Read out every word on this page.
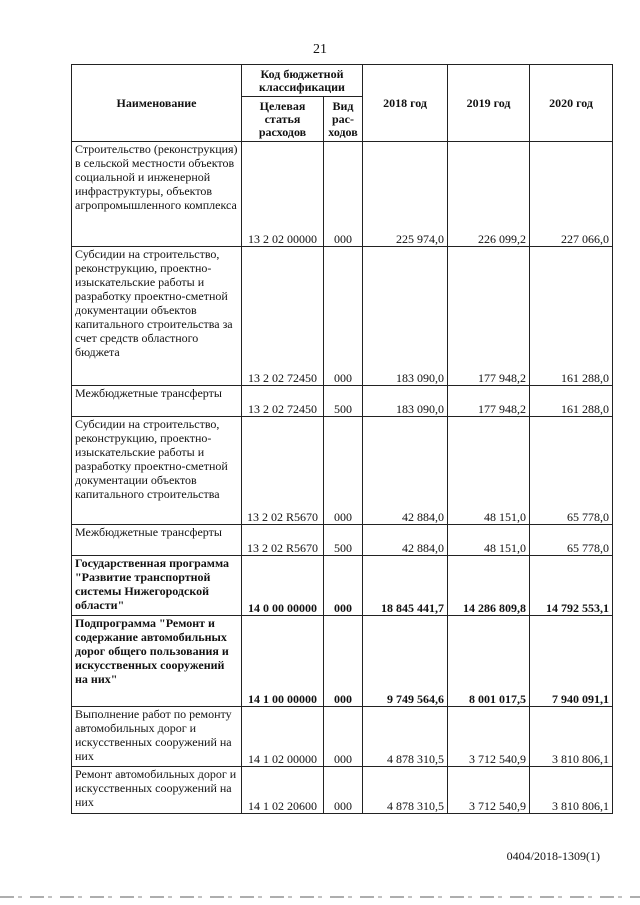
21
Наименование	Код бюджетной классификации		2018 год	2019 год	2020 год
	Целевая статья расходов	Вид рас-ходов			
Строительство (реконструкция) в сельской местности объектов социальной и инженерной инфраструктуры, объектов агропромышленного комплекса	13 2 02 00000	000	225 974,0	226 099,2	227 066,0
Субсидии на строительство, реконструкцию, проектно-изыскательские работы и разработку проектно-сметной документации объектов капитального строительства за счет средств областного бюджета	13 2 02 72450	000	183 090,0	177 948,2	161 288,0
Межбюджетные трансферты	13 2 02 72450	500	183 090,0	177 948,2	161 288,0
Субсидии на строительство, реконструкцию, проектно-изыскательские работы и разработку проектно-сметной документации объектов капитального строительства	13 2 02 R5670	000	42 884,0	48 151,0	65 778,0
Межбюджетные трансферты	13 2 02 R5670	500	42 884,0	48 151,0	65 778,0
Государственная программа "Развитие транспортной системы Нижегородской области"	14 0 00 00000	000	18 845 441,7	14 286 809,8	14 792 553,1
Подпрограмма "Ремонт и содержание автомобильных дорог общего пользования и искусственных сооружений на них"	14 1 00 00000	000	9 749 564,6	8 001 017,5	7 940 091,1
Выполнение работ по ремонту автомобильных дорог и искусственных сооружений на них	14 1 02 00000	000	4 878 310,5	3 712 540,9	3 810 806,1
Ремонт автомобильных дорог и искусственных сооружений на них	14 1 02 20600	000	4 878 310,5	3 712 540,9	3 810 806,1
0404/2018-1309(1)
